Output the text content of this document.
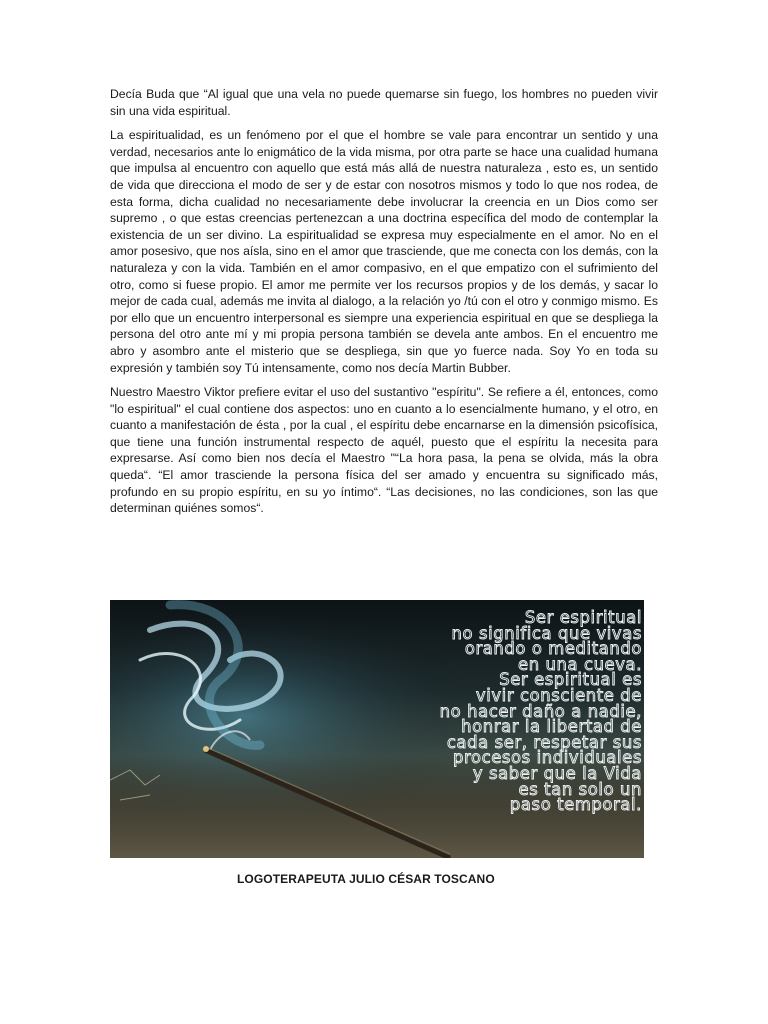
Decía Buda que “Al igual que una vela no puede quemarse sin fuego, los hombres no pueden vivir sin una vida espiritual.

La espiritualidad, es un fenómeno por el que el hombre se vale para encontrar un sentido y una verdad, necesarios ante lo enigmático de la vida misma, por otra parte se hace una cualidad humana que impulsa al encuentro con aquello que está más allá de nuestra naturaleza , esto es, un sentido de vida que direcciona el modo de ser y de estar con nosotros mismos y todo lo que nos rodea, de esta forma, dicha cualidad no necesariamente debe involucrar la creencia en un Dios como ser supremo , o que estas creencias pertenezcan a una doctrina específica del modo de contemplar la existencia de un ser divino. La espiritualidad se expresa muy especialmente en el amor. No en el amor posesivo, que nos aísla, sino en el amor que trasciende, que me conecta con los demás, con la naturaleza y con la vida. También en el amor compasivo, en el que empatizo con el sufrimiento del otro, como si fuese propio. El amor me permite ver los recursos propios y de los demás, y sacar lo mejor de cada cual, además me invita al dialogo, a la relación yo /tú con el otro y conmigo mismo. Es por ello que un encuentro interpersonal es siempre una experiencia espiritual en que se despliega la persona del otro ante mí y mi propia persona también se devela ante ambos. En el encuentro me abro y asombro ante el misterio que se despliega, sin que yo fuerce nada. Soy Yo en toda su expresión y también soy Tú intensamente, como nos decía Martin Bubber.

Nuestro Maestro Viktor prefiere evitar el uso del sustantivo "espíritu". Se refiere a él, entonces, como "lo espiritual" el cual contiene dos aspectos: uno en cuanto a lo esencialmente humano, y el otro, en cuanto a manifestación de ésta , por la cual , el espíritu debe encarnarse en la dimensión psicofísica, que tiene una función instrumental respecto de aquél, puesto que el espíritu la necesita para expresarse. Así como bien nos decía el Maestro "“La hora pasa, la pena se olvida, más la obra queda“. “El amor trasciende la persona física del ser amado y encuentra su significado más, profundo en su propio espíritu, en su yo íntimo“. “Las decisiones, no las condiciones, son las que determinan quiénes somos“.

Ser espiritual
no significa que vivas
orando o meditando
en una cueva.
Ser espiritual es
vivir consciente de
no hacer daño a nadie,
honrar la libertad de
cada ser, respetar sus
procesos individuales
y saber que la Vida
es tan solo un
paso temporal.
LOGOTERAPEUTA JULIO CÉSAR TOSCANO
